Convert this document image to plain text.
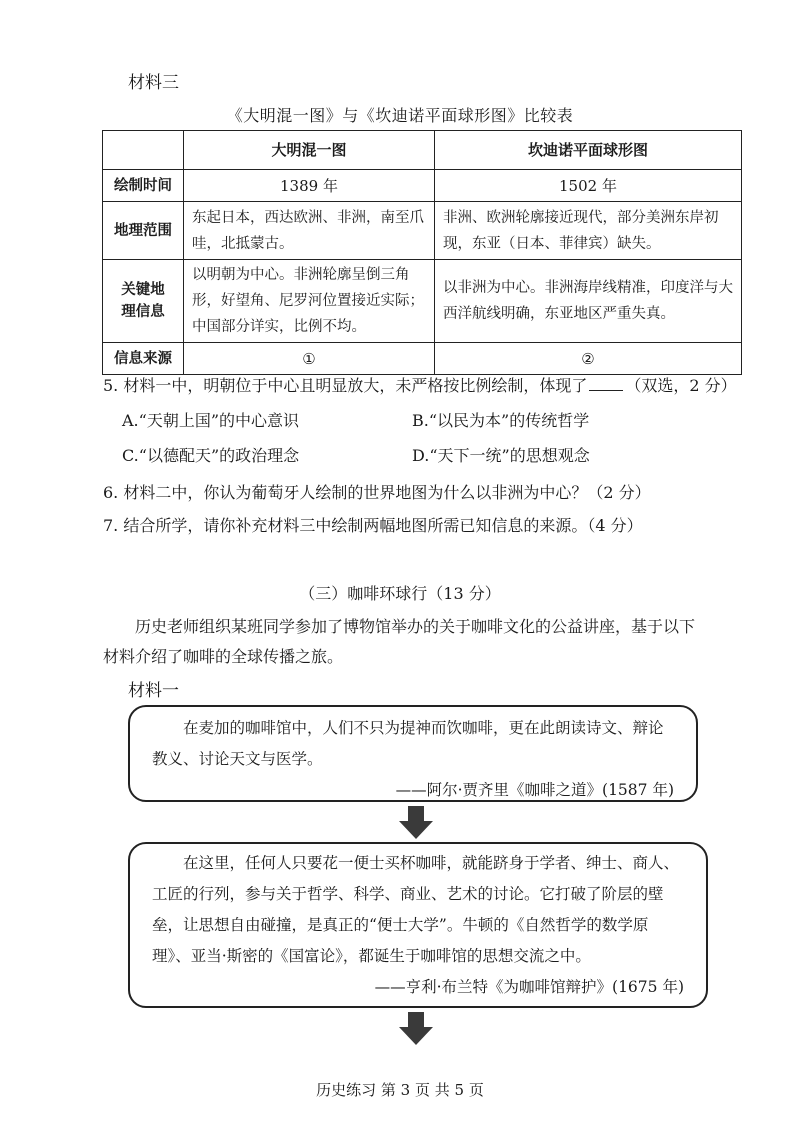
材料三
《大明混一图》与《坎迪诺平面球形图》比较表
	大明混一图	坎迪诺平面球形图
绘制时间	1389 年	1502 年
地理范围	东起日本，西达欧洲、非洲，南至爪哇，北抵蒙古。	非洲、欧洲轮廓接近现代，部分美洲东岸初现，东亚（日本、菲律宾）缺失。

关键地理信息	以明朝为中心。非洲轮廓呈倒三角形，好望角、尼罗河位置接近实际；中国部分详实，比例不均。	以非洲为中心。非洲海岸线精准，印度洋与大西洋航线明确，东亚地区严重失真。
信息来源	①	②
5. 材料一中，明朝位于中心且明显放大，未严格按比例绘制，体现了 （双选，2 分）
A.“天朝上国”的中心意识	B.“以民为本”的传统哲学
C.“以德配天”的政治理念	D.“天下一统”的思想观念
6. 材料二中，你认为葡萄牙人绘制的世界地图为什么以非洲为中心？（2 分）
7. 结合所学，请你补充材料三中绘制两幅地图所需已知信息的来源。（4 分）
（三）咖啡环球行（13 分）
历史老师组织某班同学参加了博物馆举办的关于咖啡文化的公益讲座，基于以下材料介绍了咖啡的全球传播之旅。
材料一
在麦加的咖啡馆中，人们不只为提神而饮咖啡，更在此朗读诗文、辩论教义、讨论天文与医学。
——阿尔·贾齐里《咖啡之道》(1587 年)
在这里，任何人只要花一便士买杯咖啡，就能跻身于学者、绅士、商人、工匠的行列，参与关于哲学、科学、商业、艺术的讨论。它打破了阶层的壁垒，让思想自由碰撞，是真正的“便士大学”。牛顿的《自然哲学的数学原理》、亚当·斯密的《国富论》，都诞生于咖啡馆的思想交流之中。
——亨利·布兰特《为咖啡馆辩护》(1675 年)
历史练习 第 3 页 共 5 页
